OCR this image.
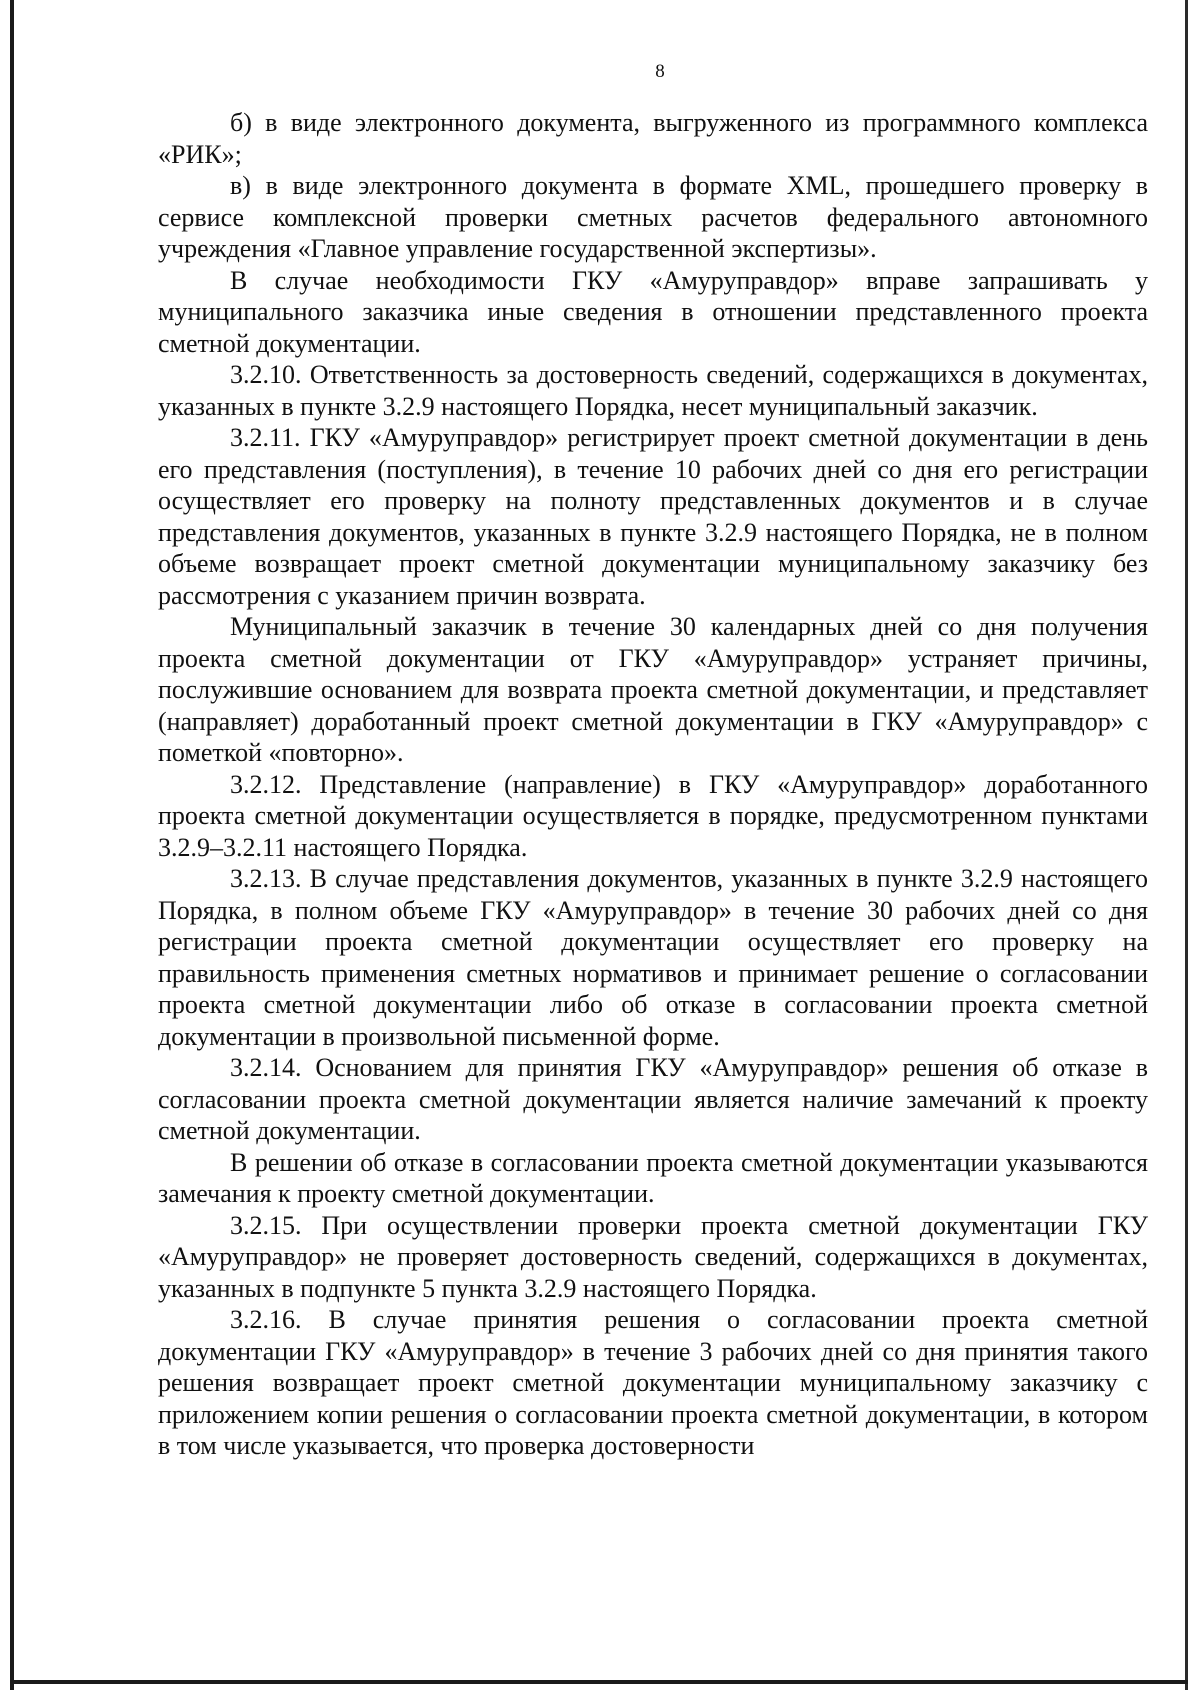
8

б) в виде электронного документа, выгруженного из программного комплекса «РИК»;

в) в виде электронного документа в формате XML, прошедшего проверку в сервисе комплексной проверки сметных расчетов федерального автономного учреждения «Главное управление государственной экспертизы».

В случае необходимости ГКУ «Амуруправдор» вправе запрашивать у муниципального заказчика иные сведения в отношении представленного проекта сметной документации.

3.2.10. Ответственность за достоверность сведений, содержащихся в документах, указанных в пункте 3.2.9 настоящего Порядка, несет муниципальный заказчик.

3.2.11. ГКУ «Амуруправдор» регистрирует проект сметной документации в день его представления (поступления), в течение 10 рабочих дней со дня его регистрации осуществляет его проверку на полноту представленных документов и в случае представления документов, указанных в пункте 3.2.9 настоящего Порядка, не в полном объеме возвращает проект сметной документации муниципальному заказчику без рассмотрения с указанием причин возврата.

Муниципальный заказчик в течение 30 календарных дней со дня получения проекта сметной документации от ГКУ «Амуруправдор» устраняет причины, послужившие основанием для возврата проекта сметной документации, и представляет (направляет) доработанный проект сметной документации в ГКУ «Амуруправдор» с пометкой «повторно».

3.2.12. Представление (направление) в ГКУ «Амуруправдор» доработанного проекта сметной документации осуществляется в порядке, предусмотренном пунктами 3.2.9–3.2.11 настоящего Порядка.

3.2.13. В случае представления документов, указанных в пункте 3.2.9 настоящего Порядка, в полном объеме ГКУ «Амуруправдор» в течение 30 рабочих дней со дня регистрации проекта сметной документации осуществляет его проверку на правильность применения сметных нормативов и принимает решение о согласовании проекта сметной документации либо об отказе в согласовании проекта сметной документации в произвольной письменной форме.

3.2.14. Основанием для принятия ГКУ «Амуруправдор» решения об отказе в согласовании проекта сметной документации является наличие замечаний к проекту сметной документации.

В решении об отказе в согласовании проекта сметной документации указываются замечания к проекту сметной документации.

3.2.15. При осуществлении проверки проекта сметной документации ГКУ «Амуруправдор» не проверяет достоверность сведений, содержащихся в документах, указанных в подпункте 5 пункта 3.2.9 настоящего Порядка.

3.2.16. В случае принятия решения о согласовании проекта сметной документации ГКУ «Амуруправдор» в течение 3 рабочих дней со дня принятия такого решения возвращает проект сметной документации муниципальному заказчику с приложением копии решения о согласовании проекта сметной документации, в котором в том числе указывается, что проверка достоверности
